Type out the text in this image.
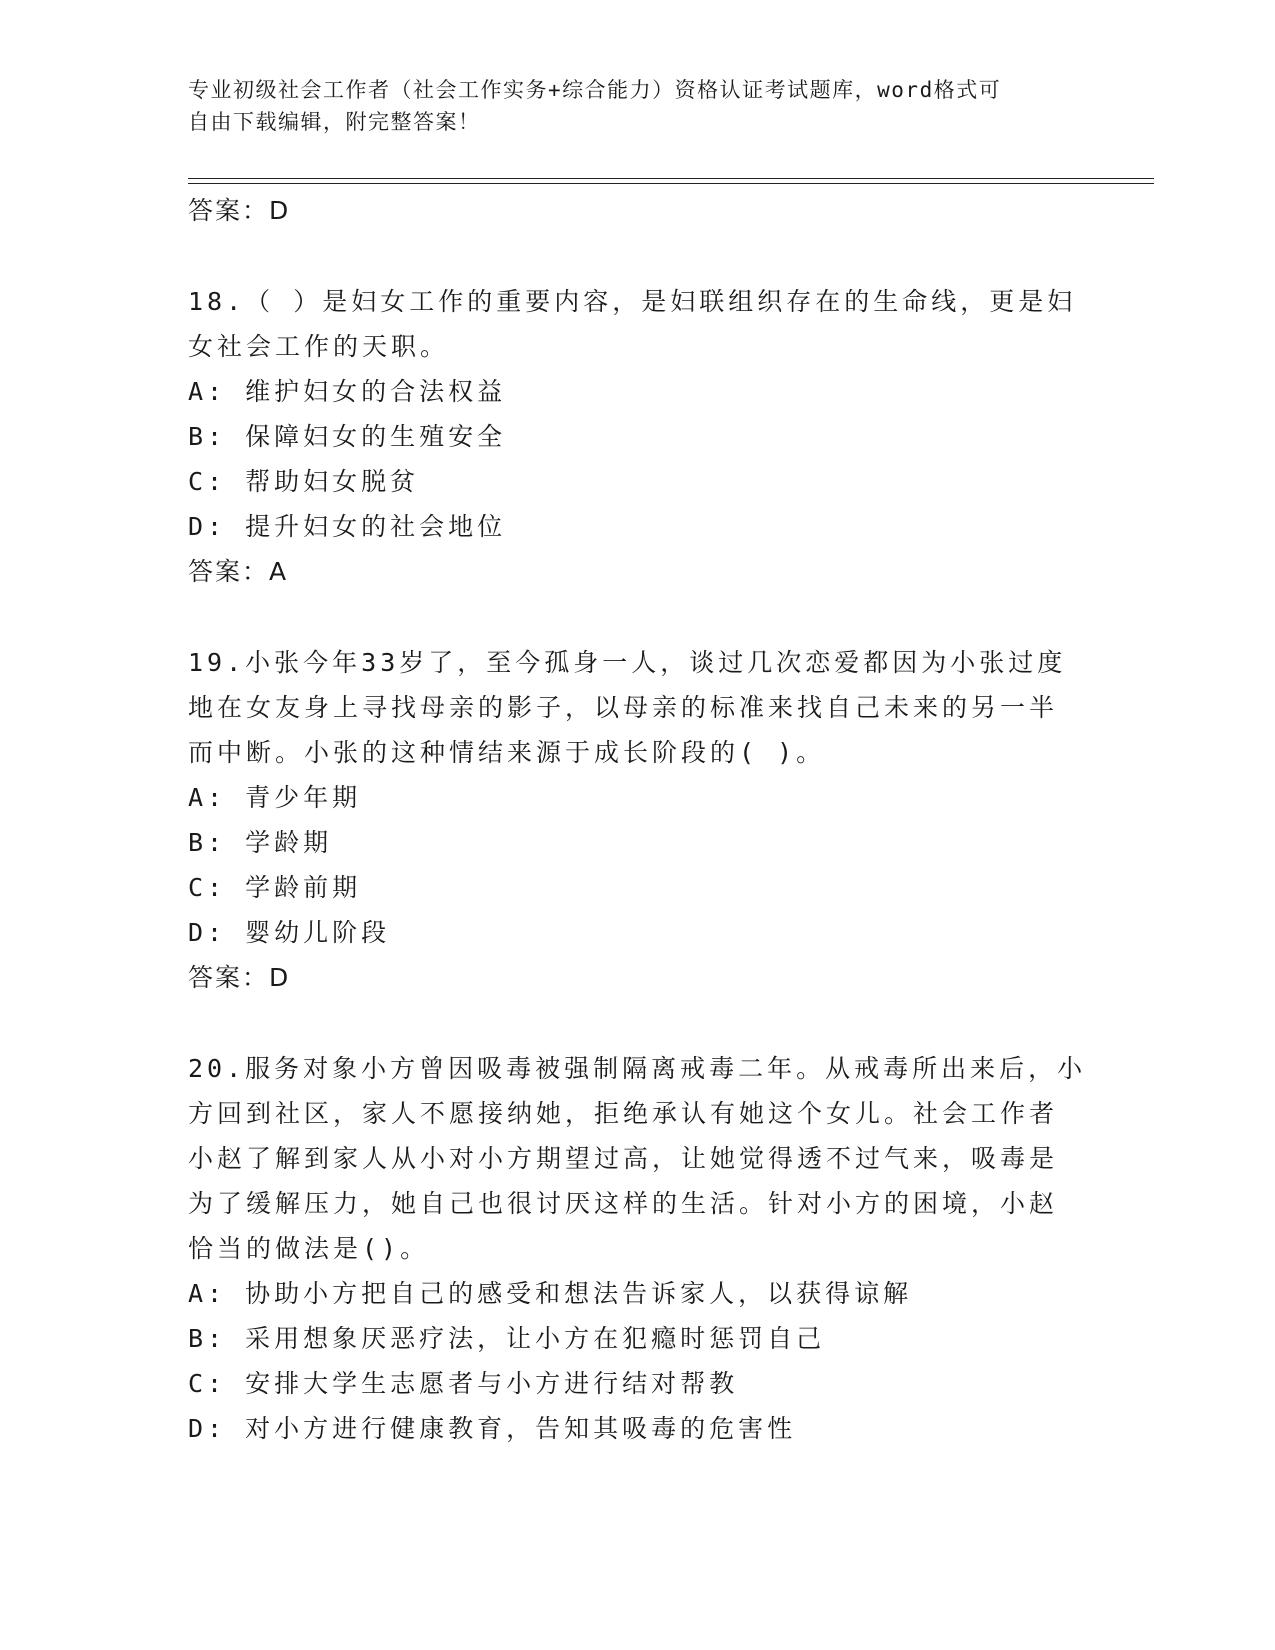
专业初级社会工作者（社会工作实务+综合能力）资格认证考试题库，word格式可
自由下载编辑，附完整答案！
答案：D
18.（ ）是妇女工作的重要内容，是妇联组织存在的生命线，更是妇
女社会工作的天职。
A: 维护妇女的合法权益
B: 保障妇女的生殖安全
C: 帮助妇女脱贫
D: 提升妇女的社会地位
答案：A
19.小张今年33岁了，至今孤身一人，谈过几次恋爱都因为小张过度
地在女友身上寻找母亲的影子，以母亲的标准来找自己未来的另一半
而中断。小张的这种情结来源于成长阶段的( )。
A: 青少年期
B: 学龄期
C: 学龄前期
D: 婴幼儿阶段
答案：D
20.服务对象小方曾因吸毒被强制隔离戒毒二年。从戒毒所出来后，小
方回到社区，家人不愿接纳她，拒绝承认有她这个女儿。社会工作者
小赵了解到家人从小对小方期望过高，让她觉得透不过气来，吸毒是
为了缓解压力，她自己也很讨厌这样的生活。针对小方的困境，小赵
恰当的做法是()。
A: 协助小方把自己的感受和想法告诉家人，以获得谅解
B: 采用想象厌恶疗法，让小方在犯瘾时惩罚自己
C: 安排大学生志愿者与小方进行结对帮教
D: 对小方进行健康教育，告知其吸毒的危害性
